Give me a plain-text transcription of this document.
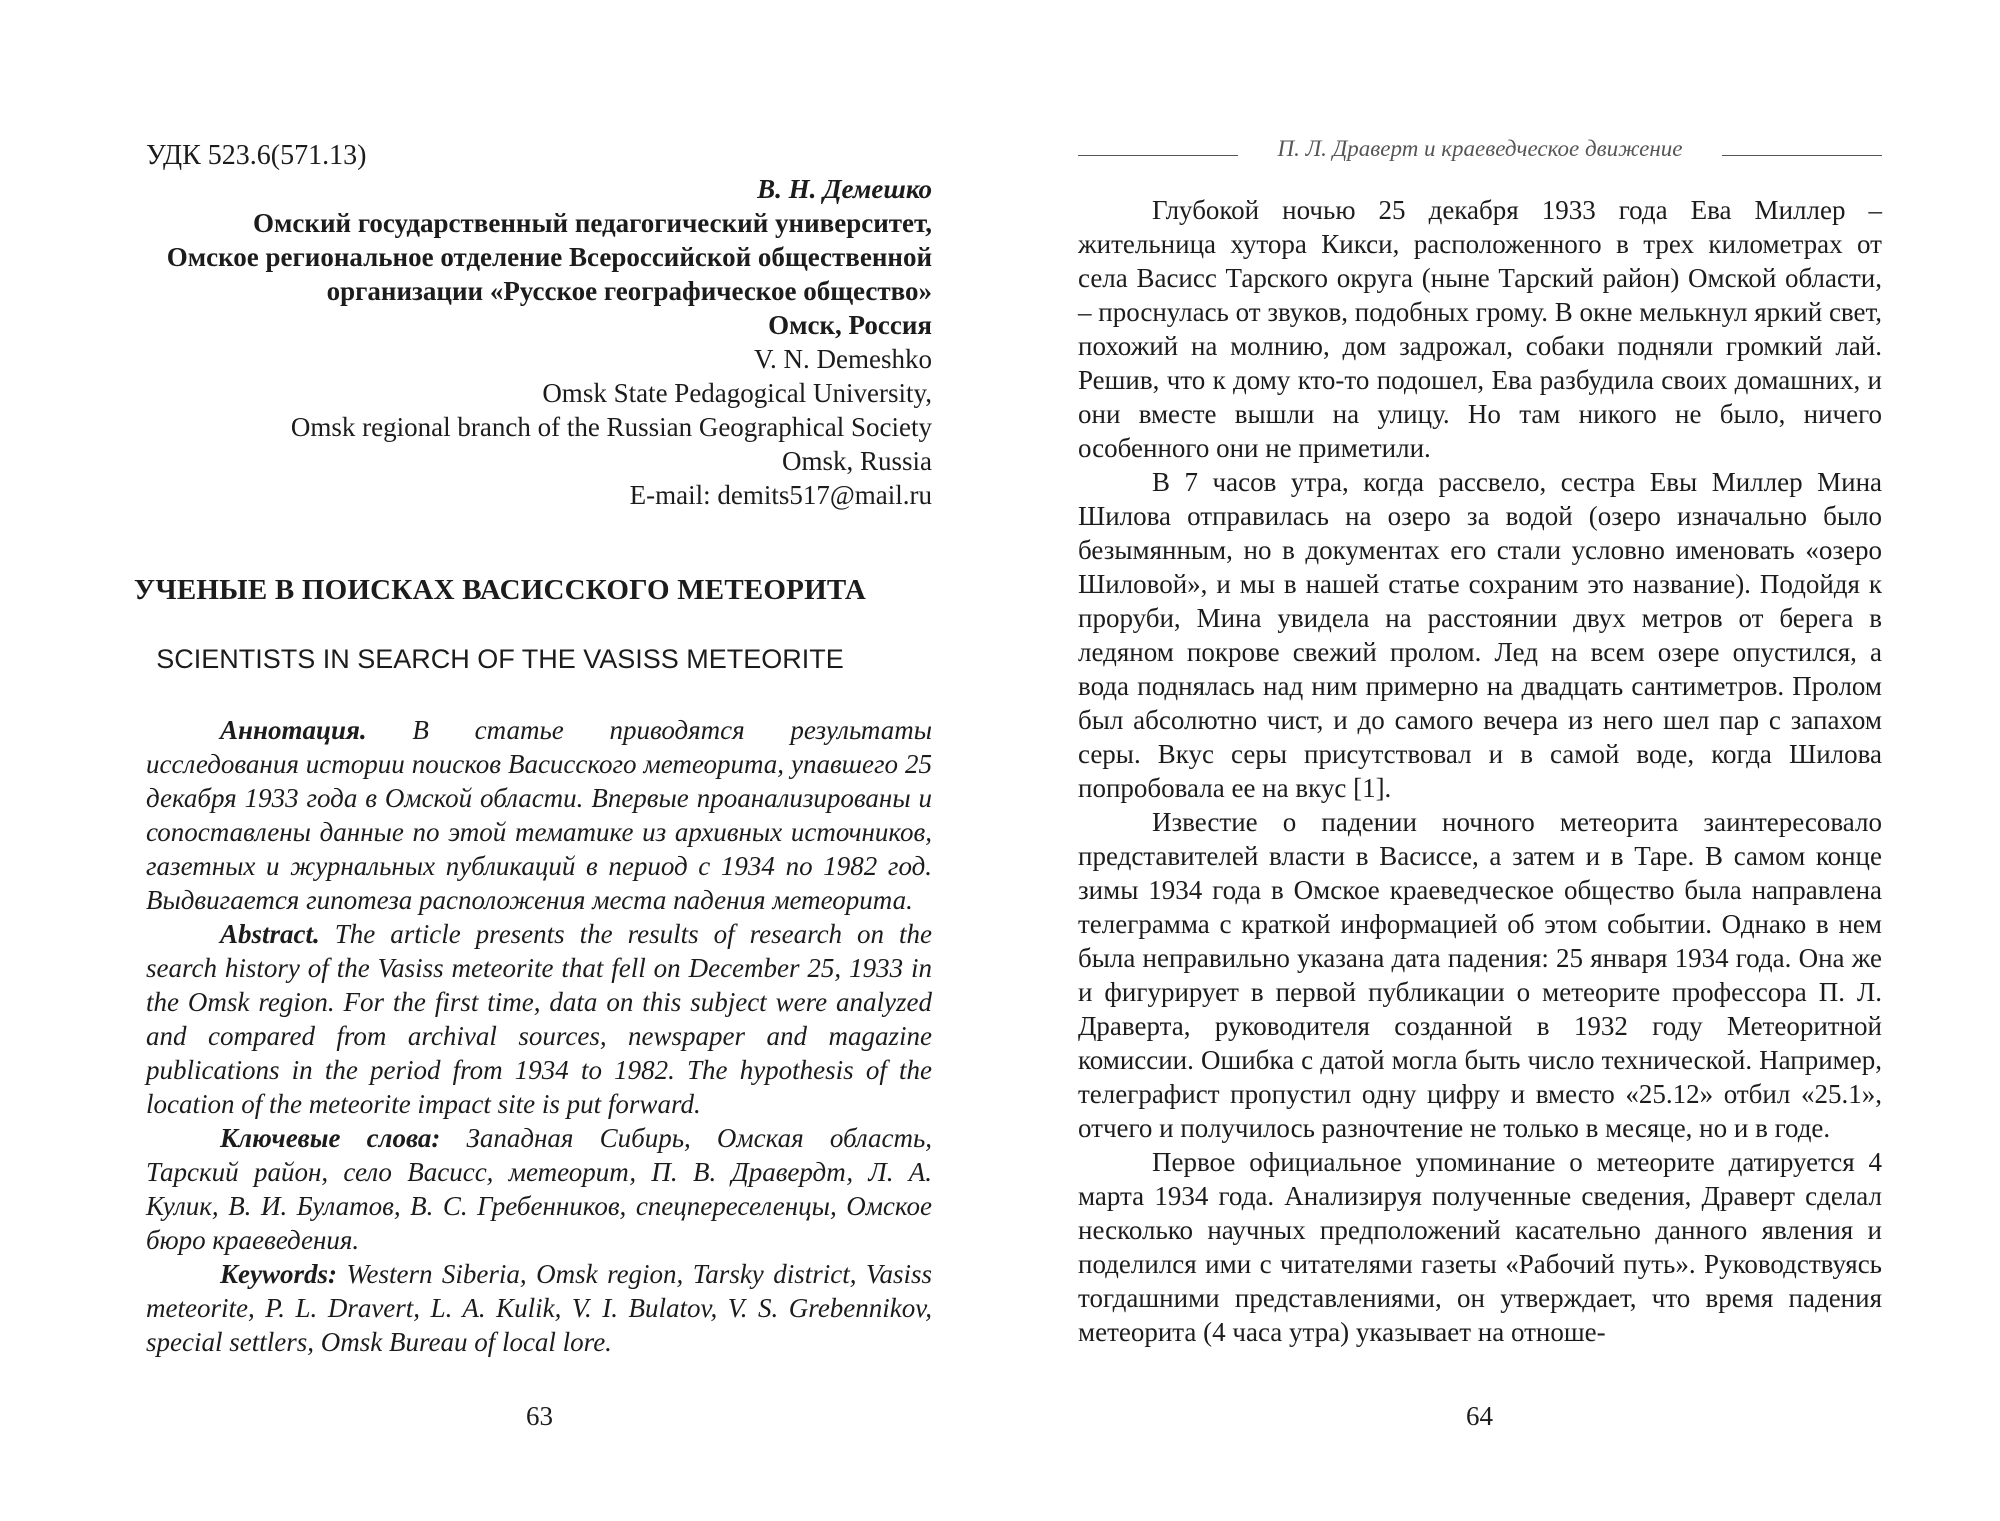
УДК 523.6(571.13)
В. Н. Демешко
Омский государственный педагогический университет,
Омское региональное отделение Всероссийской общественной организации «Русское географическое общество»
Омск, Россия
V. N. Demeshko
Omsk State Pedagogical University,
Omsk regional branch of the Russian Geographical Society
Omsk, Russia
E-mail: demits517@mail.ru
УЧЕНЫЕ В ПОИСКАХ ВАСИССКОГО МЕТЕОРИТА
SCIENTISTS IN SEARCH OF THE VASISS METEORITE

Аннотация. В статье приводятся результаты исследования истории поисков Васисского метеорита, упавшего 25 декабря 1933 года в Омской области. Впервые проанализированы и сопоставлены данные по этой тематике из архивных источников, газетных и журнальных публикаций в период с 1934 по 1982 год. Выдвигается гипотеза расположения места падения метеорита.

Abstract. The article presents the results of research on the search history of the Vasiss meteorite that fell on December 25, 1933 in the Omsk region. For the first time, data on this subject were analyzed and compared from archival sources, newspaper and magazine publications in the period from 1934 to 1982. The hypothesis of the location of the meteorite impact site is put forward.

Ключевые слова: Западная Сибирь, Омская область, Тарский район, село Васисс, метеорит, П. В. Дравердт, Л. А. Кулик, В. И. Булатов, В. С. Гребенников, спецпереселенцы, Омское бюро краеведения.

Keywords: Western Siberia, Omsk region, Tarsky district, Vasiss meteorite, P. L. Dravert, L. A. Kulik, V. I. Bulatov, V. S. Grebennikov, special settlers, Omsk Bureau of local lore.

63
П. Л. Драверт и краеведческое движение

Глубокой ночью 25 декабря 1933 года Ева Миллер – жительница хутора Кикси, расположенного в трех километрах от села Васисс Тарского округа (ныне Тарский район) Омской области, – проснулась от звуков, подобных грому. В окне мелькнул яркий свет, похожий на молнию, дом задрожал, собаки подняли громкий лай. Решив, что к дому кто-то подошел, Ева разбудила своих домашних, и они вместе вышли на улицу. Но там никого не было, ничего особенного они не приметили.

В 7 часов утра, когда рассвело, сестра Евы Миллер Мина Шилова отправилась на озеро за водой (озеро изначально было безымянным, но в документах его стали условно именовать «озеро Шиловой», и мы в нашей статье сохраним это название). Подойдя к проруби, Мина увидела на расстоянии двух метров от берега в ледяном покрове свежий пролом. Лед на всем озере опустился, а вода поднялась над ним примерно на двадцать сантиметров. Пролом был абсолютно чист, и до самого вечера из него шел пар с запахом серы. Вкус серы присутствовал и в самой воде, когда Шилова попробовала ее на вкус [1].

Известие о падении ночного метеорита заинтересовало представителей власти в Васиссе, а затем и в Таре. В самом конце зимы 1934 года в Омское краеведческое общество была направлена телеграмма с краткой информацией об этом событии. Однако в нем была неправильно указана дата падения: 25 января 1934 года. Она же и фигурирует в первой публикации о метеорите профессора П. Л. Драверта, руководителя созданной в 1932 году Метеоритной комиссии. Ошибка с датой могла быть число технической. Например, телеграфист пропустил одну цифру и вместо «25.12» отбил «25.1», отчего и получилось разночтение не только в месяце, но и в годе.

Первое официальное упоминание о метеорите датируется 4 марта 1934 года. Анализируя полученные сведения, Драверт сделал несколько научных предположений касательно данного явления и поделился ими с читателями газеты «Рабочий путь». Руководствуясь тогдашними представлениями, он утверждает, что время падения метеорита (4 часа утра) указывает на отноше-

64
